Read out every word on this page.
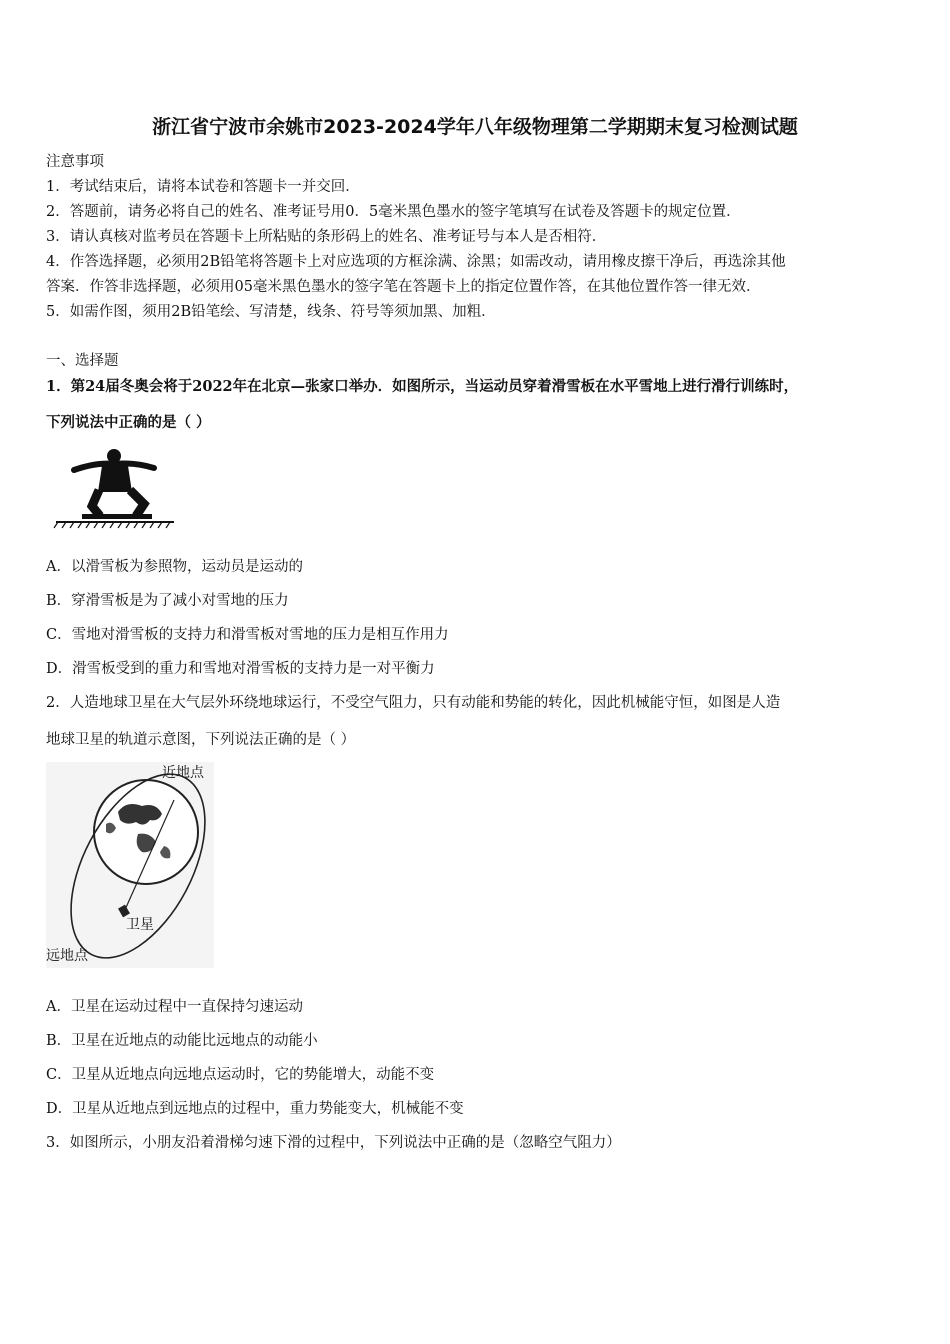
浙江省宁波市余姚市2023-2024学年八年级物理第二学期期末复习检测试题
注意事项
1．考试结束后，请将本试卷和答题卡一并交回．
2．答题前，请务必将自己的姓名、准考证号用0．5毫米黑色墨水的签字笔填写在试卷及答题卡的规定位置．
3．请认真核对监考员在答题卡上所粘贴的条形码上的姓名、准考证号与本人是否相符．
4．作答选择题，必须用2B铅笔将答题卡上对应选项的方框涂满、涂黑；如需改动，请用橡皮擦干净后，再选涂其他
答案．作答非选择题，必须用05毫米黑色墨水的签字笔在答题卡上的指定位置作答，在其他位置作答一律无效．
5．如需作图，须用2B铅笔绘、写清楚，线条、符号等须加黑、加粗．
一、选择题
1．第24届冬奥会将于2022年在北京—张家口举办．如图所示，当运动员穿着滑雪板在水平雪地上进行滑行训练时，
下列说法中正确的是（ ）
A．以滑雪板为参照物，运动员是运动的
B．穿滑雪板是为了减小对雪地的压力
C．雪地对滑雪板的支持力和滑雪板对雪地的压力是相互作用力
D．滑雪板受到的重力和雪地对滑雪板的支持力是一对平衡力
2．人造地球卫星在大气层外环绕地球运行，不受空气阻力，只有动能和势能的转化，因此机械能守恒，如图是人造
地球卫星的轨道示意图，下列说法正确的是（ ）
近地点
卫星
远地点
A．卫星在运动过程中一直保持匀速运动
B．卫星在近地点的动能比远地点的动能小
C．卫星从近地点向远地点运动时，它的势能增大，动能不变
D．卫星从近地点到远地点的过程中，重力势能变大，机械能不变
3．如图所示，小朋友沿着滑梯匀速下滑的过程中，下列说法中正确的是（忽略空气阻力）
